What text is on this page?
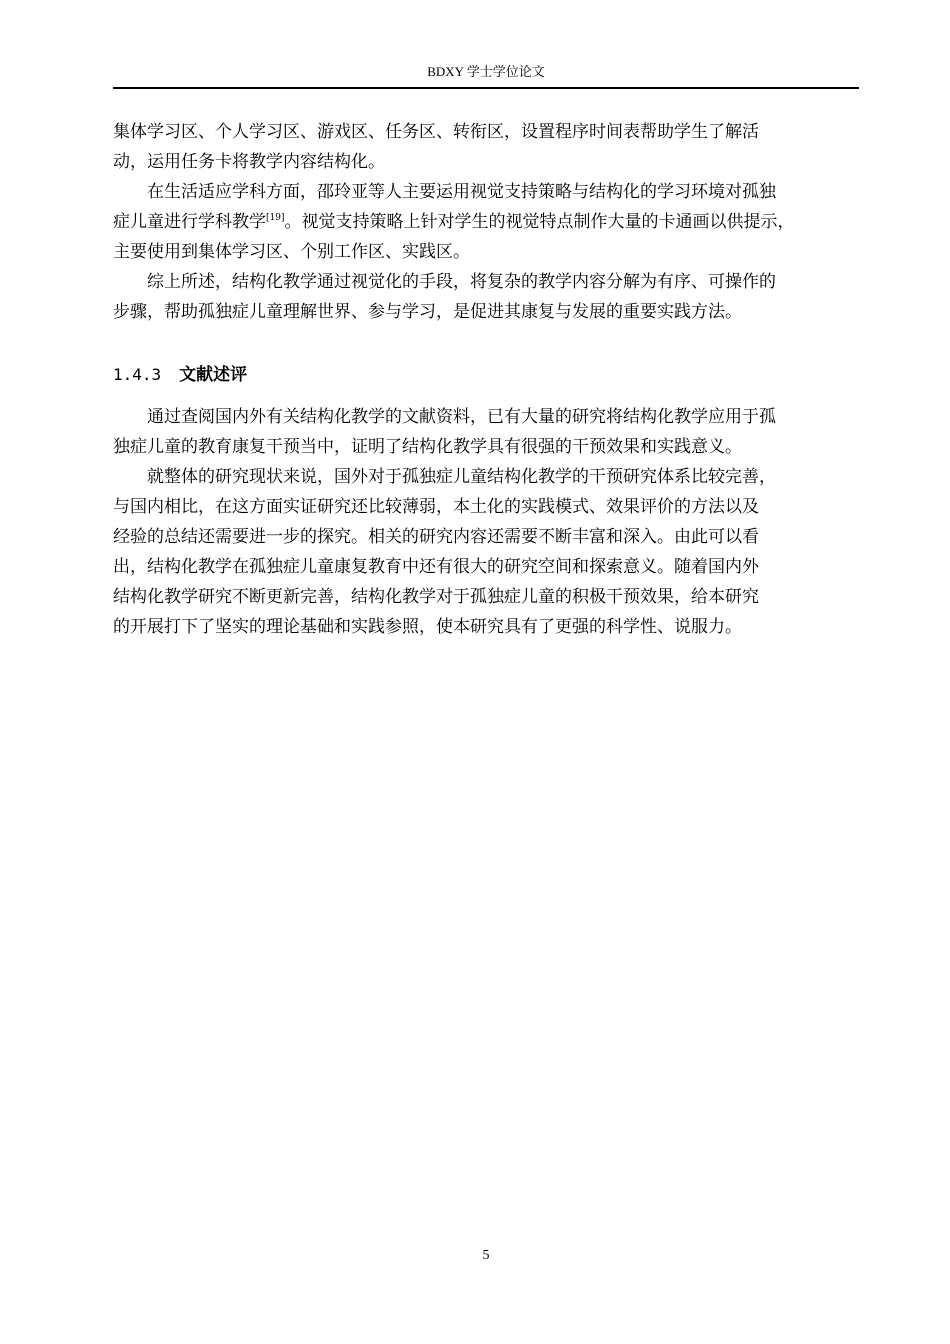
BDXY 学士学位论文

集体学习区、个人学习区、游戏区、任务区、转衔区，设置程序时间表帮助学生了解活
动，运用任务卡将教学内容结构化。

在生活适应学科方面，邵玲亚等人主要运用视觉支持策略与结构化的学习环境对孤独
症儿童进行学科教学[19]。视觉支持策略上针对学生的视觉特点制作大量的卡通画以供提示，
主要使用到集体学习区、个别工作区、实践区。

综上所述，结构化教学通过视觉化的手段，将复杂的教学内容分解为有序、可操作的
步骤，帮助孤独症儿童理解世界、参与学习，是促进其康复与发展的重要实践方法。

1.4.3 文献述评

通过查阅国内外有关结构化教学的文献资料，已有大量的研究将结构化教学应用于孤
独症儿童的教育康复干预当中，证明了结构化教学具有很强的干预效果和实践意义。

就整体的研究现状来说，国外对于孤独症儿童结构化教学的干预研究体系比较完善，
与国内相比，在这方面实证研究还比较薄弱，本土化的实践模式、效果评价的方法以及
经验的总结还需要进一步的探究。相关的研究内容还需要不断丰富和深入。由此可以看
出，结构化教学在孤独症儿童康复教育中还有很大的研究空间和探索意义。随着国内外
结构化教学研究不断更新完善，结构化教学对于孤独症儿童的积极干预效果，给本研究
的开展打下了坚实的理论基础和实践参照，使本研究具有了更强的科学性、说服力。

5
